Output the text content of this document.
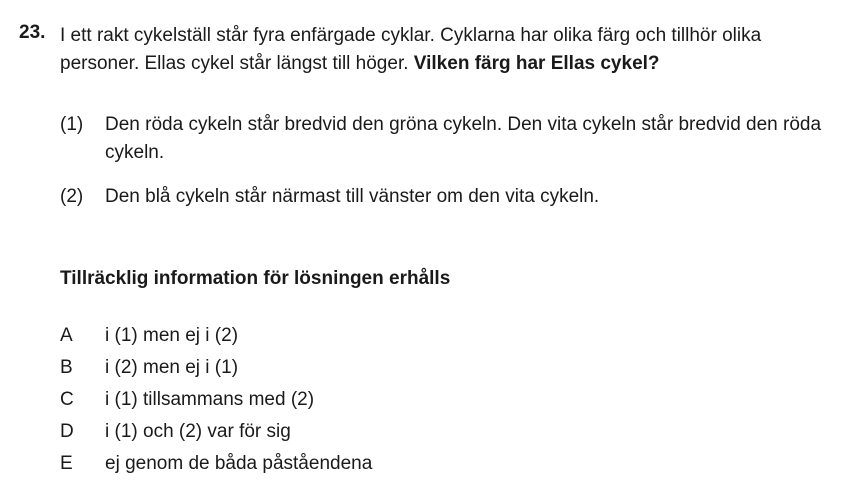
23. I ett rakt cykelställ står fyra enfärgade cyklar. Cyklarna har olika färg och tillhör olika personer. Ellas cykel står längst till höger. Vilken färg har Ellas cykel?
(1) Den röda cykeln står bredvid den gröna cykeln. Den vita cykeln står bredvid den röda cykeln.
(2) Den blå cykeln står närmast till vänster om den vita cykeln.
Tillräcklig information för lösningen erhålls
A i (1) men ej i (2)
B i (2) men ej i (1)
C i (1) tillsammans med (2)
D i (1) och (2) var för sig
E ej genom de båda påståendena
